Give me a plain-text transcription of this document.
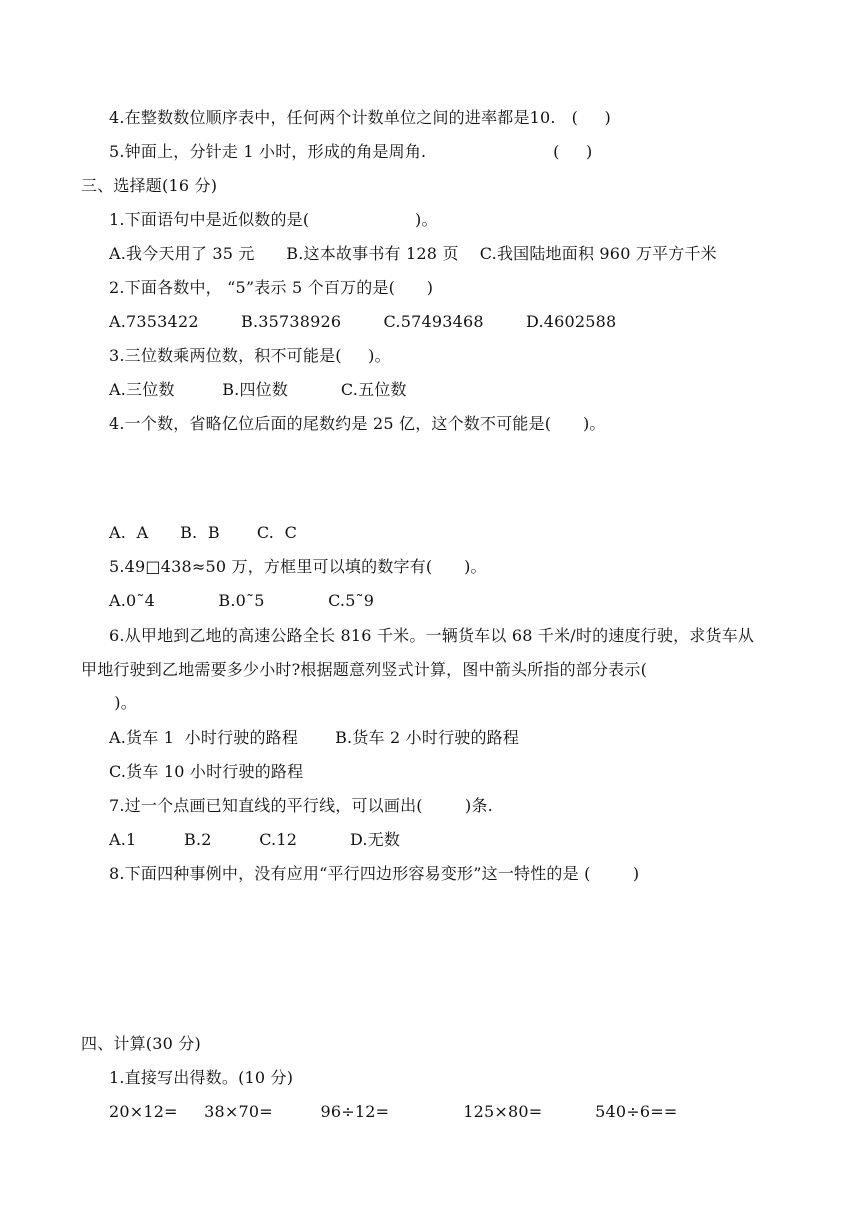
4.在整数数位顺序表中，任何两个计数单位之间的进率都是10.   (     )
5.钟面上，分针走 1 小时，形成的角是周角.                        (     )
三、选择题(16 分)
1.下面语句中是近似数的是(                    )。
A.我今天用了 35 元      B.这本故事书有 128 页    C.我国陆地面积 960 万平方千米
2.下面各数中， “5”表示 5 个百万的是(      )
A.7353422        B.35738926        C.57493468        D.4602588
3.三位数乘两位数，积不可能是(     )。
A.三位数         B.四位数          C.五位数
4.一个数，省略亿位后面的尾数约是 25 亿，这个数不可能是(      )。
A.  A      B.  B       C.  C
5.49□438≈50 万，方框里可以填的数字有(      )。
A.0˜4            B.0˜5            C.5˜9
6.从甲地到乙地的高速公路全长 816 千米。一辆货车以 68 千米/时的速度行驶，求货车从
甲地行驶到乙地需要多少小时?根据题意列竖式计算，图中箭头所指的部分表示(
)。
A.货车 1  小时行驶的路程       B.货车 2 小时行驶的路程
C.货车 10 小时行驶的路程
7.过一个点画已知直线的平行线，可以画出(        )条.
A.1         B.2         C.12          D.无数
8.下面四种事例中，没有应用“平行四边形容易变形”这一特性的是 (        )
四、计算(30 分)
1.直接写出得数。(10 分)
20×12=     38×70=         96÷12=              125×80=          540÷6==
